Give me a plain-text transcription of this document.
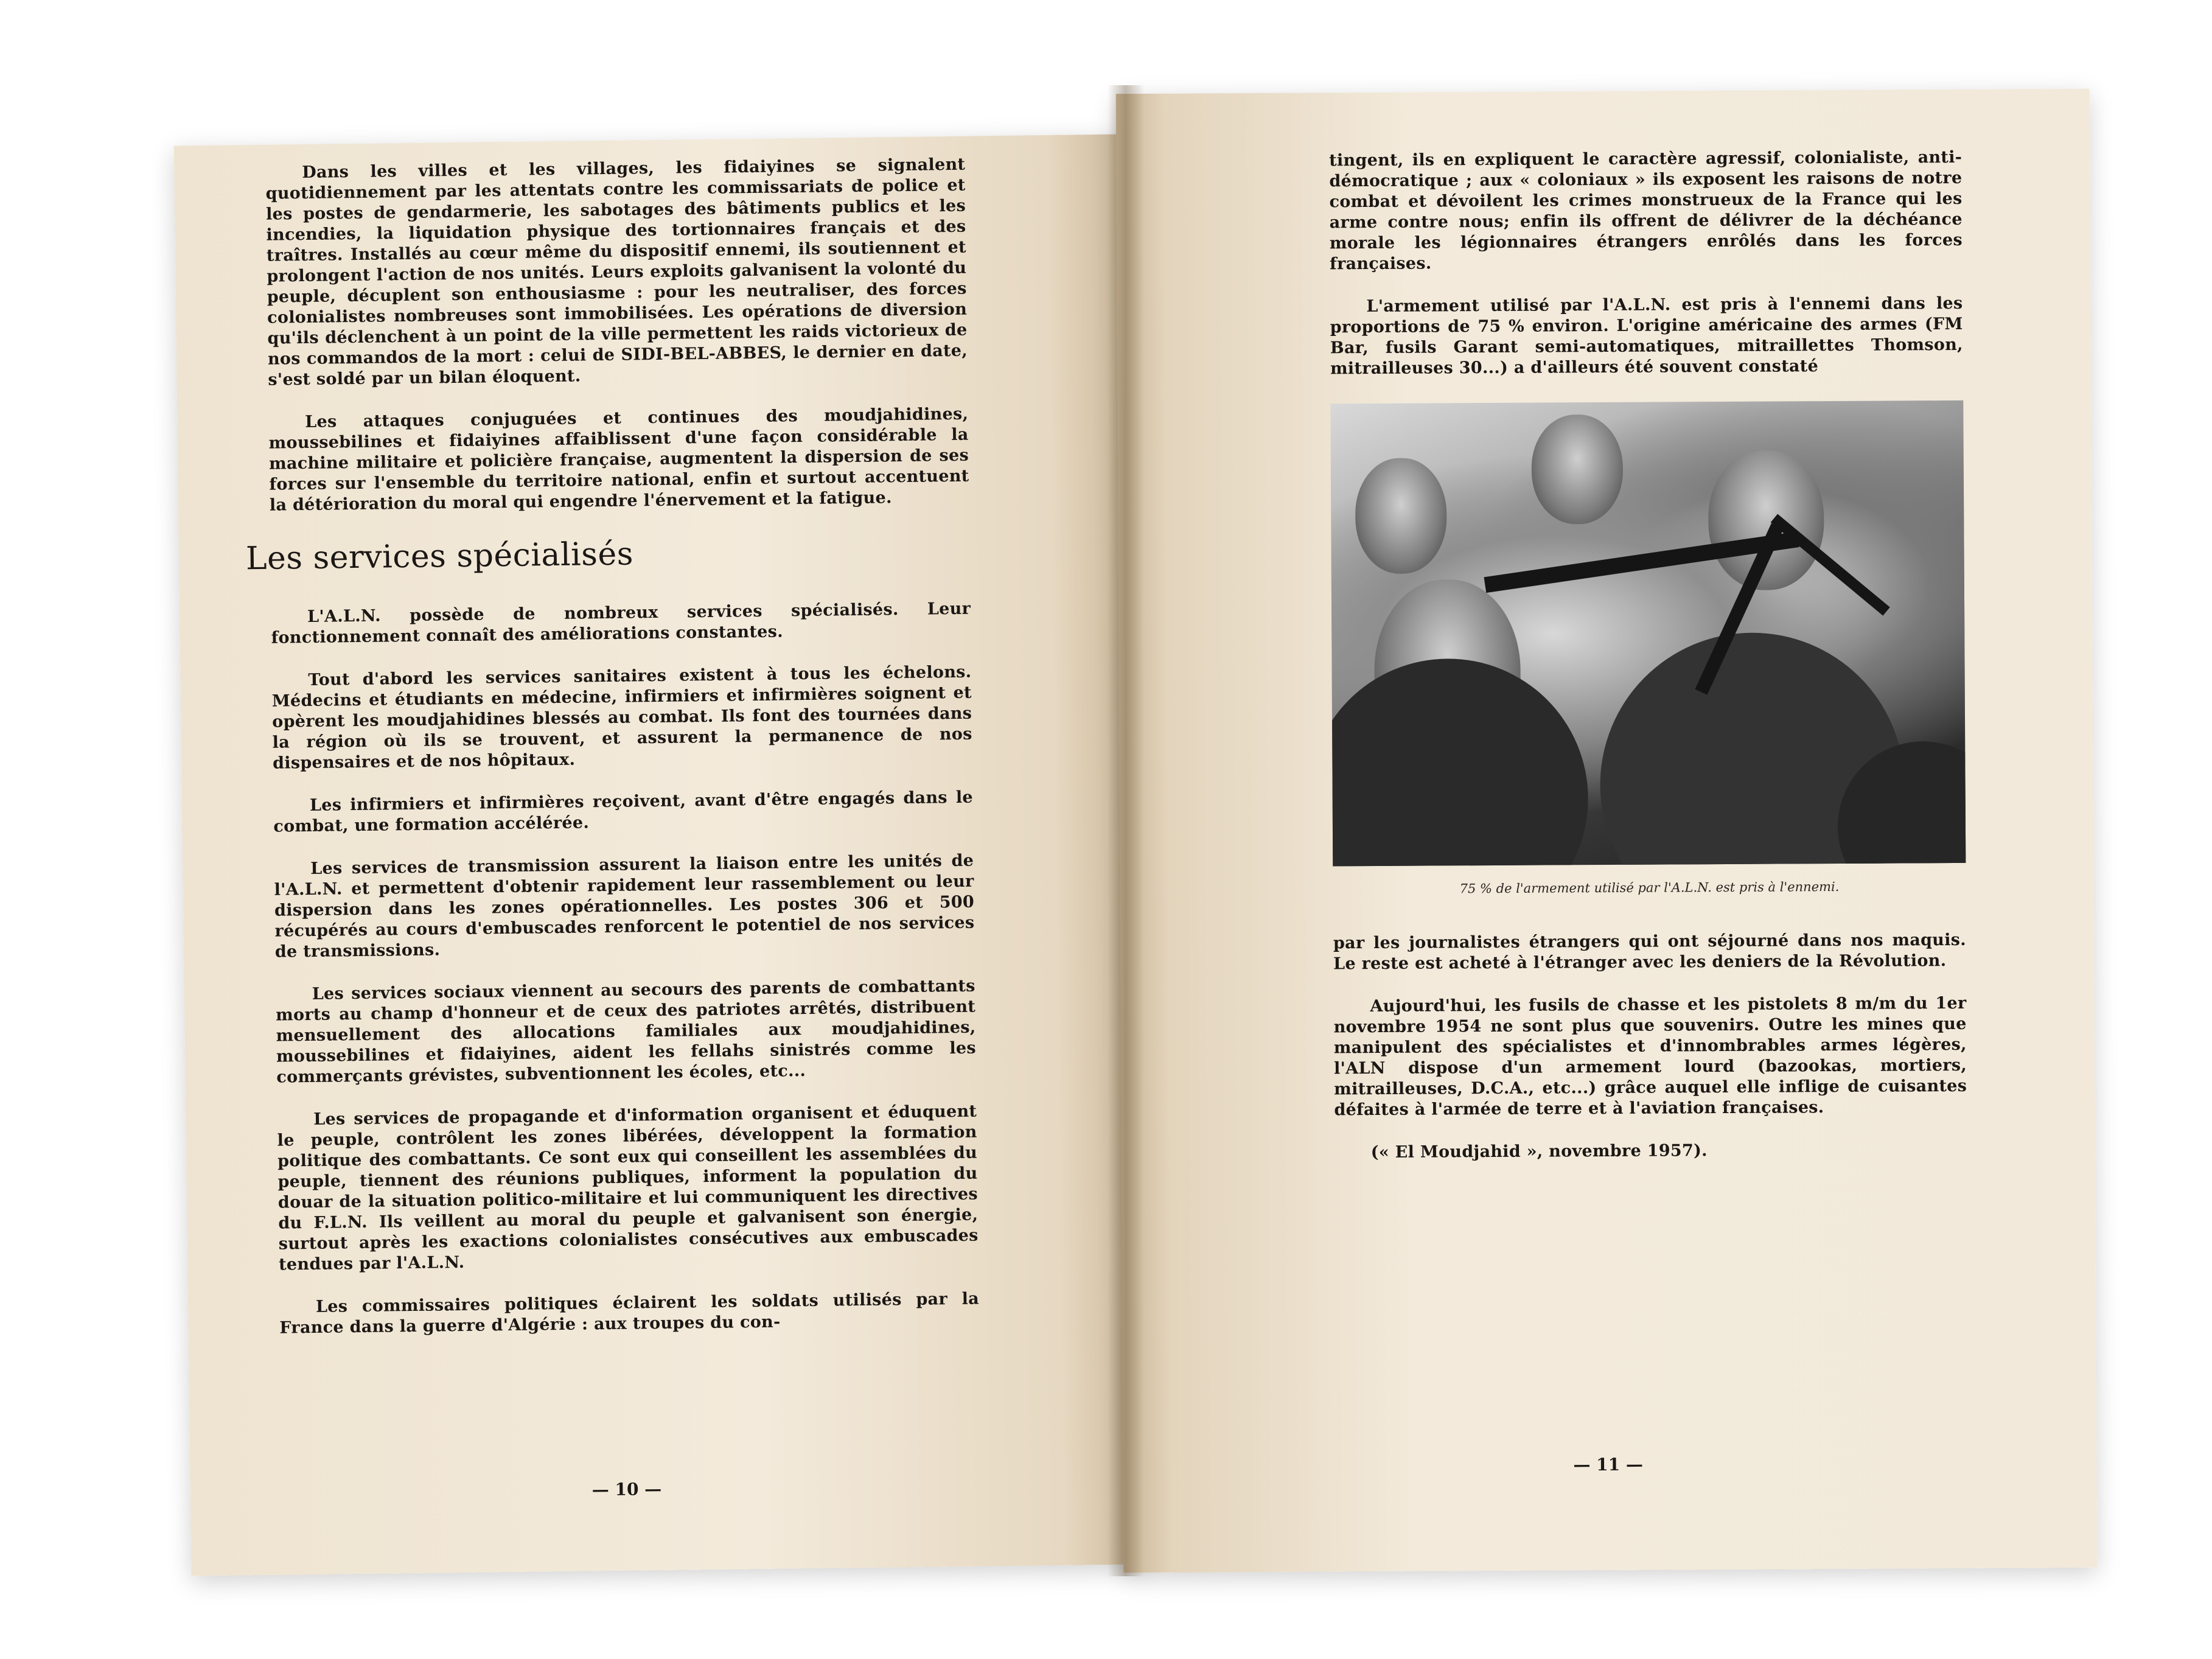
Dans les villes et les villages, les fidaiyines se signalent quotidiennement par les attentats contre les commissariats de police et les postes de gendarmerie, les sabotages des bâtiments publics et les incendies, la liquidation physique des tortionnaires français et des traîtres. Installés au cœur même du dispositif ennemi, ils soutiennent et prolongent l'action de nos unités. Leurs exploits galvanisent la volonté du peuple, décuplent son enthousiasme : pour les neutraliser, des forces colonialistes nombreuses sont immobilisées. Les opérations de diversion qu'ils déclenchent à un point de la ville permettent les raids victorieux de nos commandos de la mort : celui de SIDI-BEL-ABBES, le dernier en date, s'est soldé par un bilan éloquent.

Les attaques conjuguées et continues des moudjahidines, moussebilines et fidaiyines affaiblissent d'une façon considérable la machine militaire et policière française, augmentent la dispersion de ses forces sur l'ensemble du territoire national, enfin et surtout accentuent la détérioration du moral qui engendre l'énervement et la fatigue.

Les services spécialisés

L'A.L.N. possède de nombreux services spécialisés. Leur fonctionnement connaît des améliorations constantes.

Tout d'abord les services sanitaires existent à tous les échelons. Médecins et étudiants en médecine, infirmiers et infirmières soignent et opèrent les moudjahidines blessés au combat. Ils font des tournées dans la région où ils se trouvent, et assurent la permanence de nos dispensaires et de nos hôpitaux.

Les infirmiers et infirmières reçoivent, avant d'être engagés dans le combat, une formation accélérée.

Les services de transmission assurent la liaison entre les unités de l'A.L.N. et permettent d'obtenir rapidement leur rassemblement ou leur dispersion dans les zones opérationnelles. Les postes 306 et 500 récupérés au cours d'embuscades renforcent le potentiel de nos services de transmissions.

Les services sociaux viennent au secours des parents de combattants morts au champ d'honneur et de ceux des patriotes arrêtés, distribuent mensuellement des allocations familiales aux moudjahidines, moussebilines et fidaiyines, aident les fellahs sinistrés comme les commerçants grévistes, subventionnent les écoles, etc...

Les services de propagande et d'information organisent et éduquent le peuple, contrôlent les zones libérées, développent la formation politique des combattants. Ce sont eux qui conseillent les assemblées du peuple, tiennent des réunions publiques, informent la population du douar de la situation politico-militaire et lui communiquent les directives du F.L.N. Ils veillent au moral du peuple et galvanisent son énergie, surtout après les exactions colonialistes consécutives aux embuscades tendues par l'A.L.N.

Les commissaires politiques éclairent les soldats utilisés par la France dans la guerre d'Algérie : aux troupes du con-

— 10 —

tingent, ils en expliquent le caractère agressif, colonialiste, anti-démocratique ; aux « coloniaux » ils exposent les raisons de notre combat et dévoilent les crimes monstrueux de la France qui les arme contre nous; enfin ils offrent de délivrer de la déchéance morale les légionnaires étrangers enrôlés dans les forces françaises.

L'armement utilisé par l'A.L.N. est pris à l'ennemi dans les proportions de 75 % environ. L'origine américaine des armes (FM Bar, fusils Garant semi-automatiques, mitraillettes Thomson, mitrailleuses 30...) a d'ailleurs été souvent constaté

75 % de l'armement utilisé par l'A.L.N. est pris à l'ennemi.

par les journalistes étrangers qui ont séjourné dans nos maquis. Le reste est acheté à l'étranger avec les deniers de la Révolution.

Aujourd'hui, les fusils de chasse et les pistolets 8 m/m du 1er novembre 1954 ne sont plus que souvenirs. Outre les mines que manipulent des spécialistes et d'innombrables armes légères, l'ALN dispose d'un armement lourd (bazookas, mortiers, mitrailleuses, D.C.A., etc...) grâce auquel elle inflige de cuisantes défaites à l'armée de terre et à l'aviation françaises.

(« El Moudjahid », novembre 1957).

— 11 —
